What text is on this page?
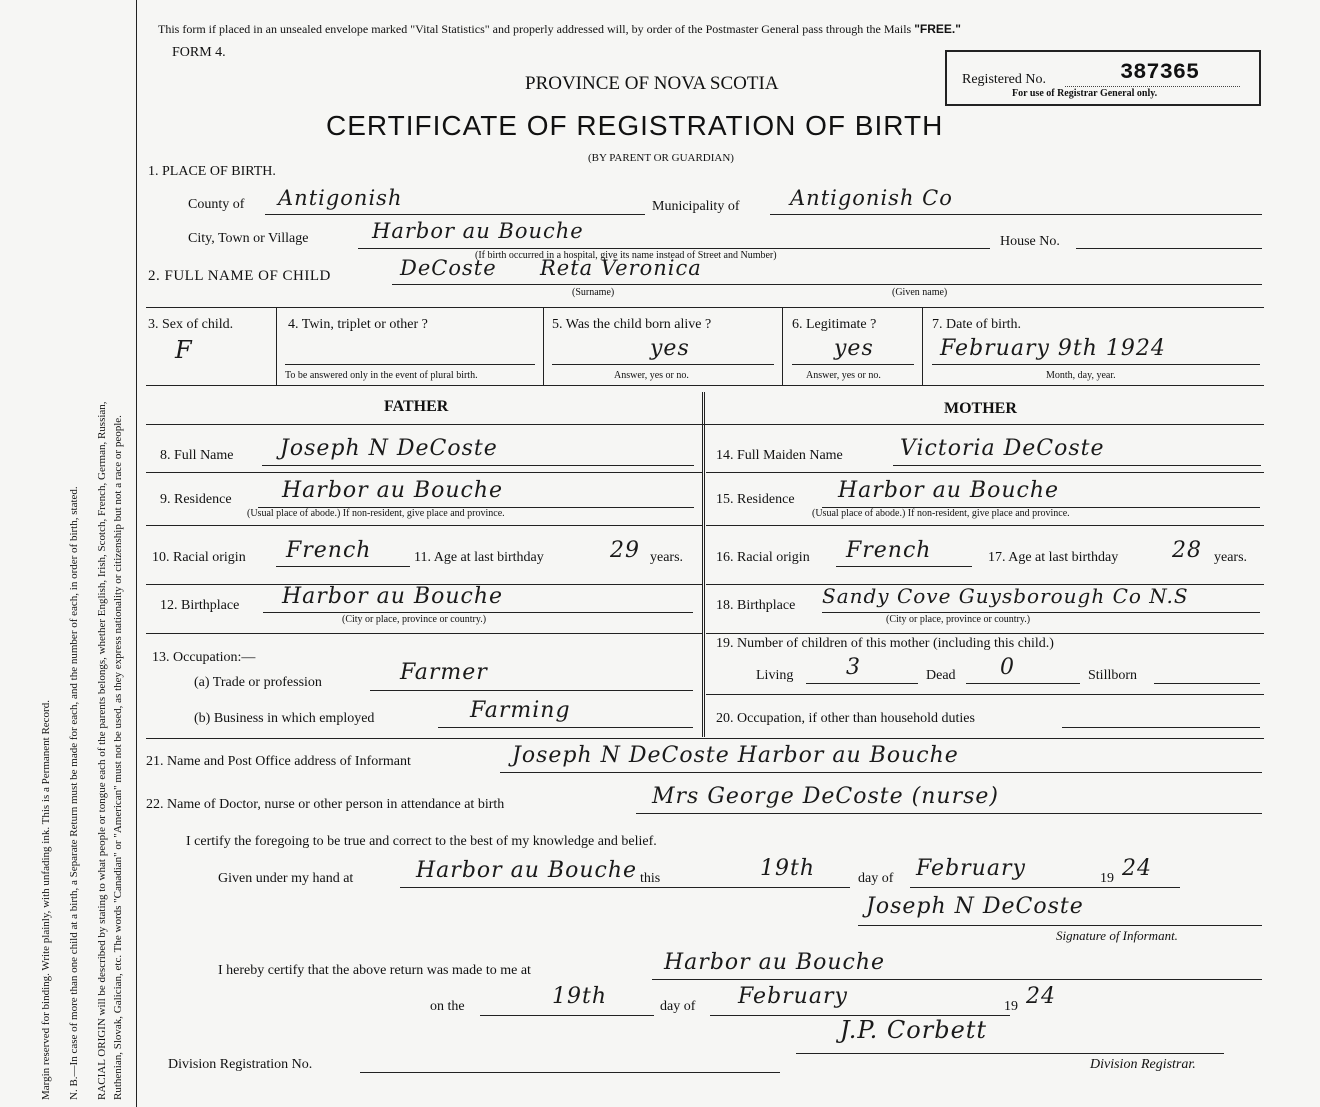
Margin reserved for binding. Write plainly, with unfading ink. This is a Permanent Record. N. B.—In case of more than one child at a birth, a Separate Return must be made for each, and the number of each, in order of birth, stated. RACIAL ORIGIN will be described by stating to what people or tongue each of the parents belongs, whether English, Irish, Scotch, French, German, Russian, Ruthenian, Slovak, Galician, etc. The words "Canadian" or "American" must not be used, as they express nationality or citizenship but not a race or people.
This form if placed in an unsealed envelope marked "Vital Statistics" and properly addressed will, by order of the Postmaster General pass through the Mails "FREE."
FORM 4.
Registered No.	387365
For use of Registrar General only.
PROVINCE OF NOVA SCOTIA
CERTIFICATE OF REGISTRATION OF BIRTH
(BY PARENT OR GUARDIAN)
1. PLACE OF BIRTH.
County of Antigonish	Municipality of Antigonish Co
City, Town or Village	Harbor au Bouche
(If birth occurred in a hospital, give its name instead of Street and Number)
House No.
2. FULL NAME OF CHILD	DeCoste Reta Veronica
(Surname)	(Given name)
3. Sex of child.
F
4. Twin, triplet or other ?
To be answered only in the event of plural birth.
5. Was the child born alive ?
yes
Answer, yes or no.
6. Legitimate ?
yes
Answer, yes or no.
7. Date of birth.
February 9th 1924
Month, day, year.
FATHER	MOTHER
8. Full Name Joseph N DeCoste	14. Full Maiden Name	Victoria DeCoste
9. Residence Harbor au Bouche
(Usual place of abode.) If non-resident, give place and province.
15. Residence Harbor au Bouche
(Usual place of abode.) If non-resident, give place and province.
10. Racial origin French	11. Age at last birthday	29 years. 16. Racial origin French	17. Age at last birthday 28 years.
12. Birthplace Harbor au Bouche
(City or place, province or country.)
18. Birthplace Sandy Cove Guysborough Co N.S
(City or place, province or country.)
13. Occupation:—
(a) Trade or profession	Farmer
(b) Business in which employed	Farming
19. Number of children of this mother (including this child.)
Living 3	Dead 0	Stillborn
20. Occupation, if other than household duties
21. Name and Post Office address of Informant	Joseph N DeCoste Harbor au Bouche
22. Name of Doctor, nurse or other person in attendance at birth	Mrs George DeCoste (nurse)
I certify the foregoing to be true and correct to the best of my knowledge and belief.
Given under my hand at	Harbor au Bouche this	19th	day of February	19 24
Joseph N DeCoste
Signature of Informant.
I hereby certify that the above return was made to me at	Harbor au Bouche
on the	19th	day of February	19 24
J.P. Corbett
Division Registration No.	Division Registrar.
